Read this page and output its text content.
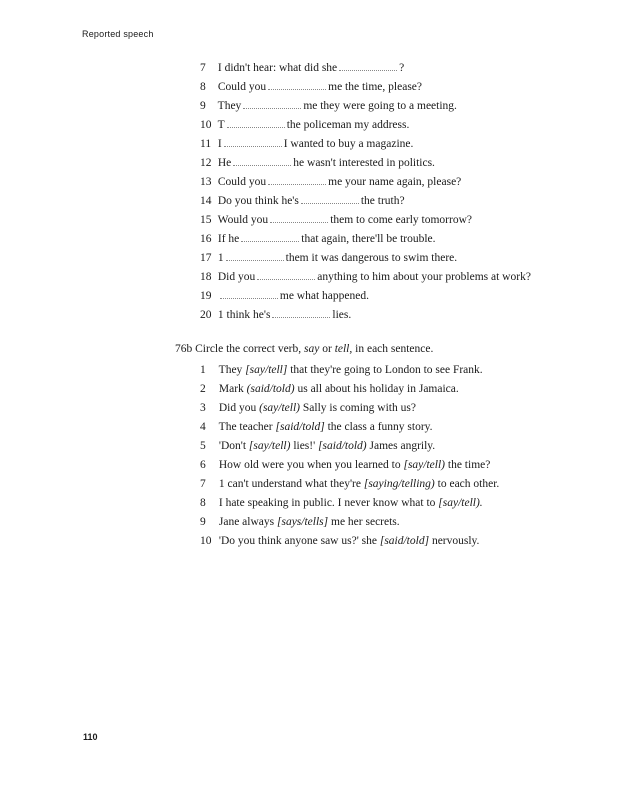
Reported speech
7 I didn't hear: what did she	?
8 Could you	me the time, please?
9 They	me they were going to a meeting.
10 T	the policeman my address.
11 I	I wanted to buy a magazine.
12 He	he wasn't interested in politics.
13 Could you	me your name again, please?
14 Do you think he's	the truth?
15 Would you	them to come early tomorrow?
16 If he	that again, there'll be trouble.
17 1	them it was dangerous to swim there.
18 Did you	anything to him about your problems at work?
19	me what happened.
20 1 think he's	lies.
76b Circle the correct verb, say or tell, in each sentence.
1 They [say/tell] that they're going to London to see Frank.
2 Mark (said/told) us all about his holiday in Jamaica.
3 Did you (say/tell) Sally is coming with us?
4 The teacher [said/told] the class a funny story.
5 'Don't [say/tell) lies!' [said/told) James angrily.
6 How old were you when you learned to [say/tell) the time?
7 1 can't understand what they're [saying/telling) to each other.
8 I hate speaking in public. I never know what to [say/tell).
9 Jane always [says/tells] me her secrets.
10 'Do you think anyone saw us?' she [said/told] nervously.
110
